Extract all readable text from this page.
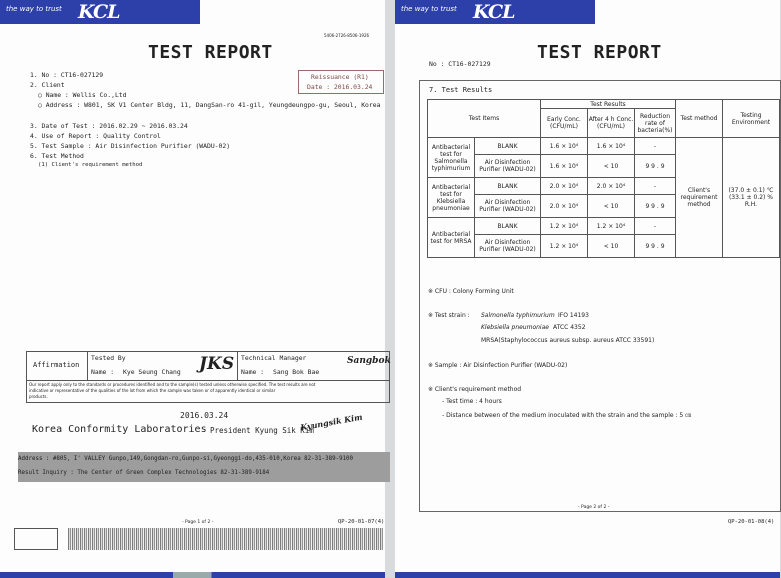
the way to trust KCL
5406-2726-8506-1926
TEST REPORT
1. No : CT16-027129
2. Client
○ Name : Wellis Co.,Ltd
○ Address : W801, SK V1 Center Bldg, 11, DangSan-ro 41-gil, Yeungdeungpo-gu, Seoul, Korea
Reissuance (R1)
Date : 2016.03.24
3. Date of Test : 2016.02.29 ~ 2016.03.24
4. Use of Report : Quality Control
5. Test Sample : Air Disinfection Purifier (WADU-02)
6. Test Method
(1) Client's requirement method
Affirmation
Tested By
Name : Kye Seung Chang JKS Technical Manager
Name : Sang Bok Bae
Sangbok
Our report apply only to the standards or procedures identified and to the sample(s) tested unless otherwise specified. The test results are not
indicative or representative of the qualities of the lot from which the sample was taken or of apparently identical or similar
products.
2016.03.24
Korea Conformity Laboratories President Kyung Sik Kim
Kyungsik Kim
Address : #805, I' VALLEY Gunpo,149,Gongdan-ro,Gunpo-si,Gyeonggi-do,435-010,Korea 82-31-389-9100
Result Inquiry : The Center of Green Complex Technologies 82-31-389-9184
- Page 1 of 2 -	QP-20-01-07(4)
the way to trust KCL
TEST REPORT
No : CT16-027129
7. Test Results
Test Items		Test Results			Test method	Testing Environment
		Early Conc. (CFU/mL)	After 4 h Conc. (CFU/mL)	Reduction rate of bacteria(%)		
Antibacterial test for Salmonella typhimurium	BLANK	1.6 × 10⁴	1.6 × 10⁴	-	Client's requirement method	(37.0 ± 0.1) ℃
(33.1 ± 0.2) % R.H.

	Air Disinfection Purifier (WADU-02)	1.6 × 10⁴	< 10	9 9 . 9		
Antibacterial test for Klebsiella pneumoniae	BLANK	2.0 × 10⁴	2.0 × 10⁴	-		
	Air Disinfection Purifier (WADU-02)	2.0 × 10⁴	< 10	9 9 . 9		
Antibacterial test for MRSA	BLANK	1.2 × 10⁴	1.2 × 10⁴	-		
	Air Disinfection Purifier (WADU-02)	1.2 × 10⁴	< 10	9 9 . 9		
※ CFU : Colony Forming Unit
※ Test strain : Salmonella typhimurium IFO 14193
Klebsiella pneumoniae ATCC 4352
MRSA(Staphylococcus aureus subsp. aureus ATCC 33591)
※ Sample : Air Disinfection Purifier (WADU-02)
※ Client's requirement method
- Test time : 4 hours
- Distance between of the medium inoculated with the strain and the sample : 5 ㎝
- Page 2 of 2 -
QP-20-01-08(4)
